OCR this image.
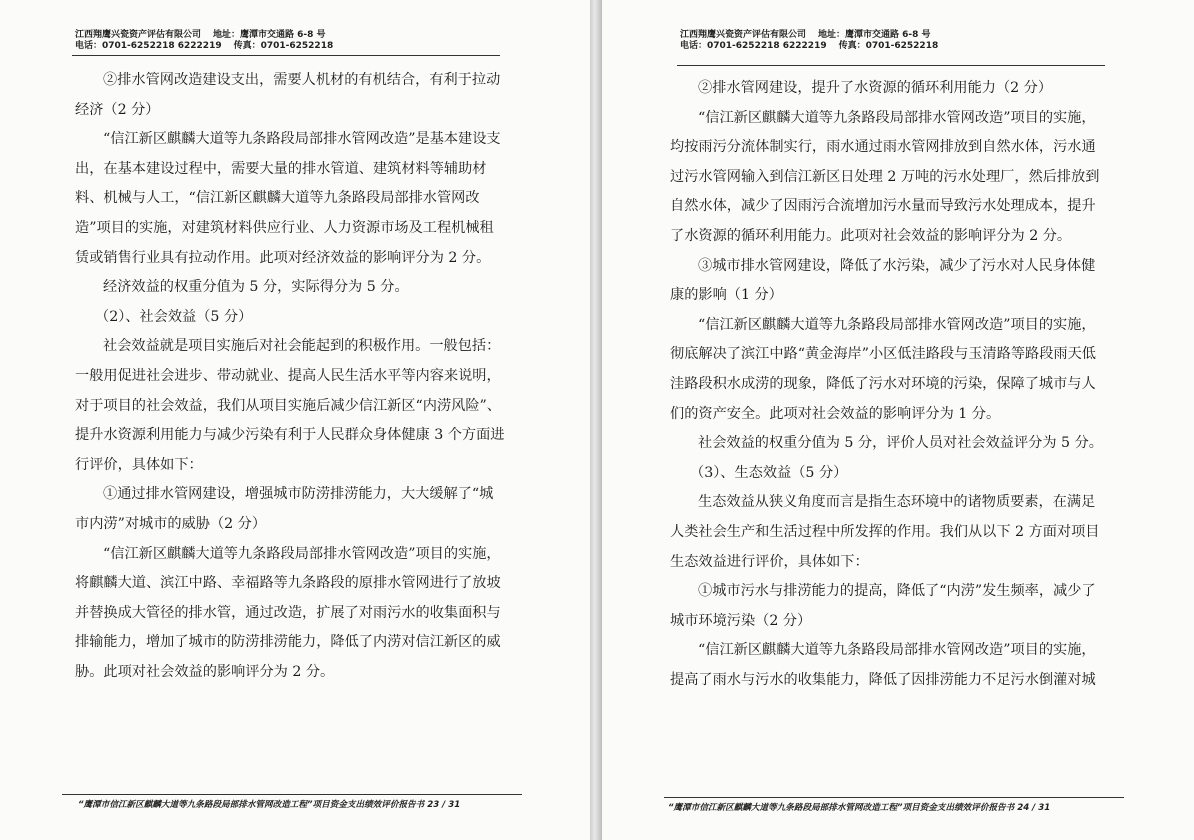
江西翔鹰兴瓷资产评估有限公司 地址：鹰潭市交通路 6-8 号
电话：0701-6252218 6222219 传真：0701-6252218

②排水管网改造建设支出，需要人机材的有机结合，有利于拉动经济（2 分）

“信江新区麒麟大道等九条路段局部排水管网改造”是基本建设支出，在基本建设过程中，需要大量的排水管道、建筑材料等辅助材料、机械与人工，“信江新区麒麟大道等九条路段局部排水管网改造”项目的实施，对建筑材料供应行业、人力资源市场及工程机械租赁或销售行业具有拉动作用。此项对经济效益的影响评分为 2 分。

经济效益的权重分值为 5 分，实际得分为 5 分。

（2）、社会效益（5 分）

社会效益就是项目实施后对社会能起到的积极作用。一般包括：一般用促进社会进步、带动就业、提高人民生活水平等内容来说明，对于项目的社会效益，我们从项目实施后减少信江新区“内涝风险”、提升水资源利用能力与减少污染有利于人民群众身体健康 3 个方面进行评价，具体如下：

①通过排水管网建设，增强城市防涝排涝能力，大大缓解了“城市内涝”对城市的威胁（2 分）

“信江新区麒麟大道等九条路段局部排水管网改造”项目的实施，将麒麟大道、滨江中路、幸福路等九条路段的原排水管网进行了放坡并替换成大管径的排水管，通过改造，扩展了对雨污水的收集面积与排输能力，增加了城市的防涝排涝能力，降低了内涝对信江新区的威胁。此项对社会效益的影响评分为 2 分。

“鹰潭市信江新区麒麟大道等九条路段局部排水管网改造工程”项目资金支出绩效评价报告书 23 / 31
江西翔鹰兴瓷资产评估有限公司 地址：鹰潭市交通路 6-8 号
电话：0701-6252218 6222219 传真：0701-6252218

②排水管网建设，提升了水资源的循环利用能力（2 分）

“信江新区麒麟大道等九条路段局部排水管网改造”项目的实施，均按雨污分流体制实行，雨水通过雨水管网排放到自然水体，污水通过污水管网输入到信江新区日处理 2 万吨的污水处理厂，然后排放到自然水体，减少了因雨污合流增加污水量而导致污水处理成本，提升了水资源的循环利用能力。此项对社会效益的影响评分为 2 分。

③城市排水管网建设，降低了水污染，减少了污水对人民身体健康的影响（1 分）

“信江新区麒麟大道等九条路段局部排水管网改造”项目的实施，彻底解决了滨江中路“黄金海岸”小区低洼路段与玉清路等路段雨天低洼路段积水成涝的现象，降低了污水对环境的污染，保障了城市与人们的资产安全。此项对社会效益的影响评分为 1 分。

社会效益的权重分值为 5 分，评价人员对社会效益评分为 5 分。

（3）、生态效益（5 分）

生态效益从狭义角度而言是指生态环境中的诸物质要素，在满足人类社会生产和生活过程中所发挥的作用。我们从以下 2 方面对项目生态效益进行评价，具体如下：

①城市污水与排涝能力的提高，降低了“内涝”发生频率，减少了城市环境污染（2 分）

“信江新区麒麟大道等九条路段局部排水管网改造”项目的实施，提高了雨水与污水的收集能力，降低了因排涝能力不足污水倒灌对城

“鹰潭市信江新区麒麟大道等九条路段局部排水管网改造工程”项目资金支出绩效评价报告书 24 / 31
